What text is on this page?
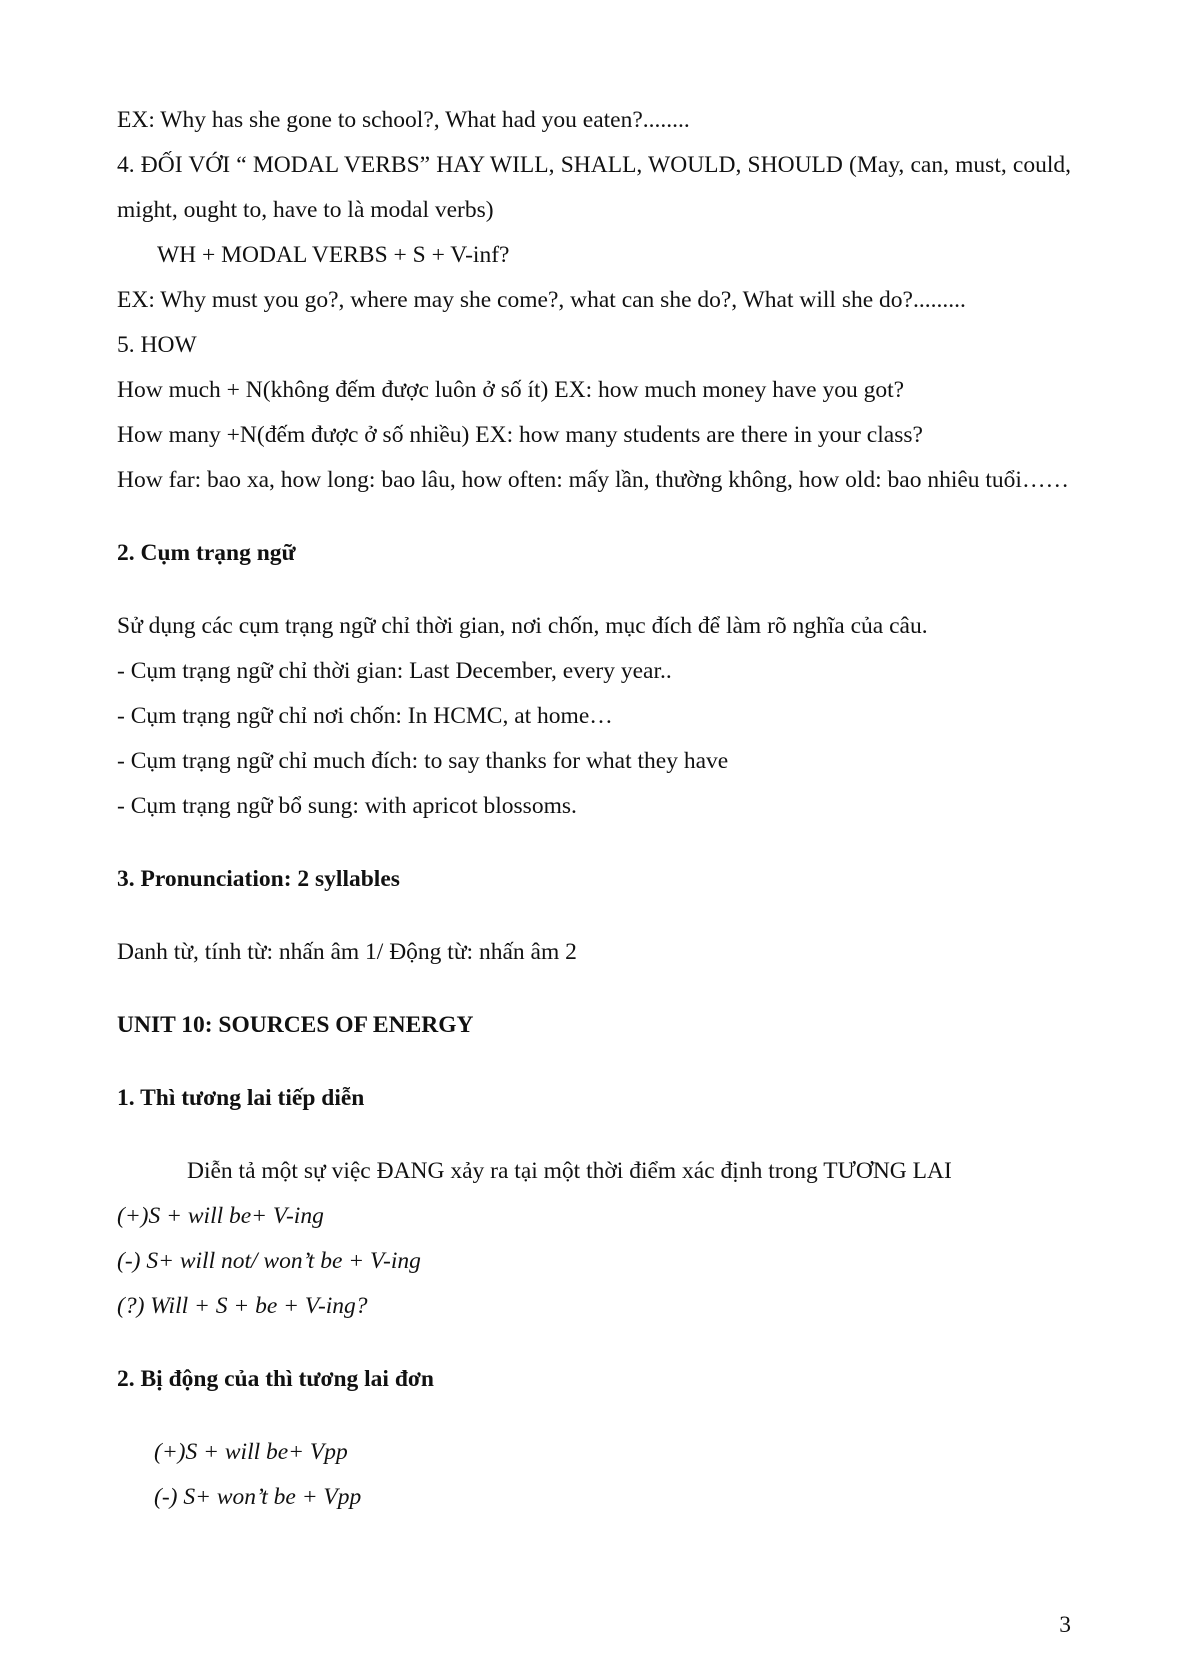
EX: Why has she gone to school?, What had you eaten?........
4. ĐỐI VỚI “ MODAL VERBS” HAY WILL, SHALL, WOULD, SHOULD (May, can, must, could, might, ought to, have to là modal verbs)
WH + MODAL VERBS + S + V-inf?
EX: Why must you go?, where may she come?, what can she do?, What will she do?.........
5. HOW
How much + N(không đếm được luôn ở số ít) EX: how much money have you got?
How many +N(đếm được ở số nhiều) EX: how many students are there in your class?
How far: bao xa, how long: bao lâu, how often: mấy lần, thường không, how old: bao nhiêu tuổi……
2. Cụm trạng ngữ
Sử dụng các cụm trạng ngữ chỉ thời gian, nơi chốn, mục đích để làm rõ nghĩa của câu.
- Cụm trạng ngữ chỉ thời gian: Last December, every year..
- Cụm trạng ngữ chỉ nơi chốn: In HCMC, at home…
- Cụm trạng ngữ chỉ much đích: to say thanks for what they have
- Cụm trạng ngữ bổ sung: with apricot blossoms.
3. Pronunciation: 2 syllables
Danh từ, tính từ: nhấn âm 1/ Động từ: nhấn âm 2
UNIT 10: SOURCES OF ENERGY
1. Thì tương lai tiếp diễn
Diễn tả một sự việc ĐANG xảy ra tại một thời điểm xác định trong TƯƠNG LAI
(+)S + will be+ V-ing
(-) S+ will not/ won’t be + V-ing
(?) Will + S + be + V-ing?
2. Bị động của thì tương lai đơn
(+)S + will be+ Vpp
(-) S+ won’t be + Vpp
3
